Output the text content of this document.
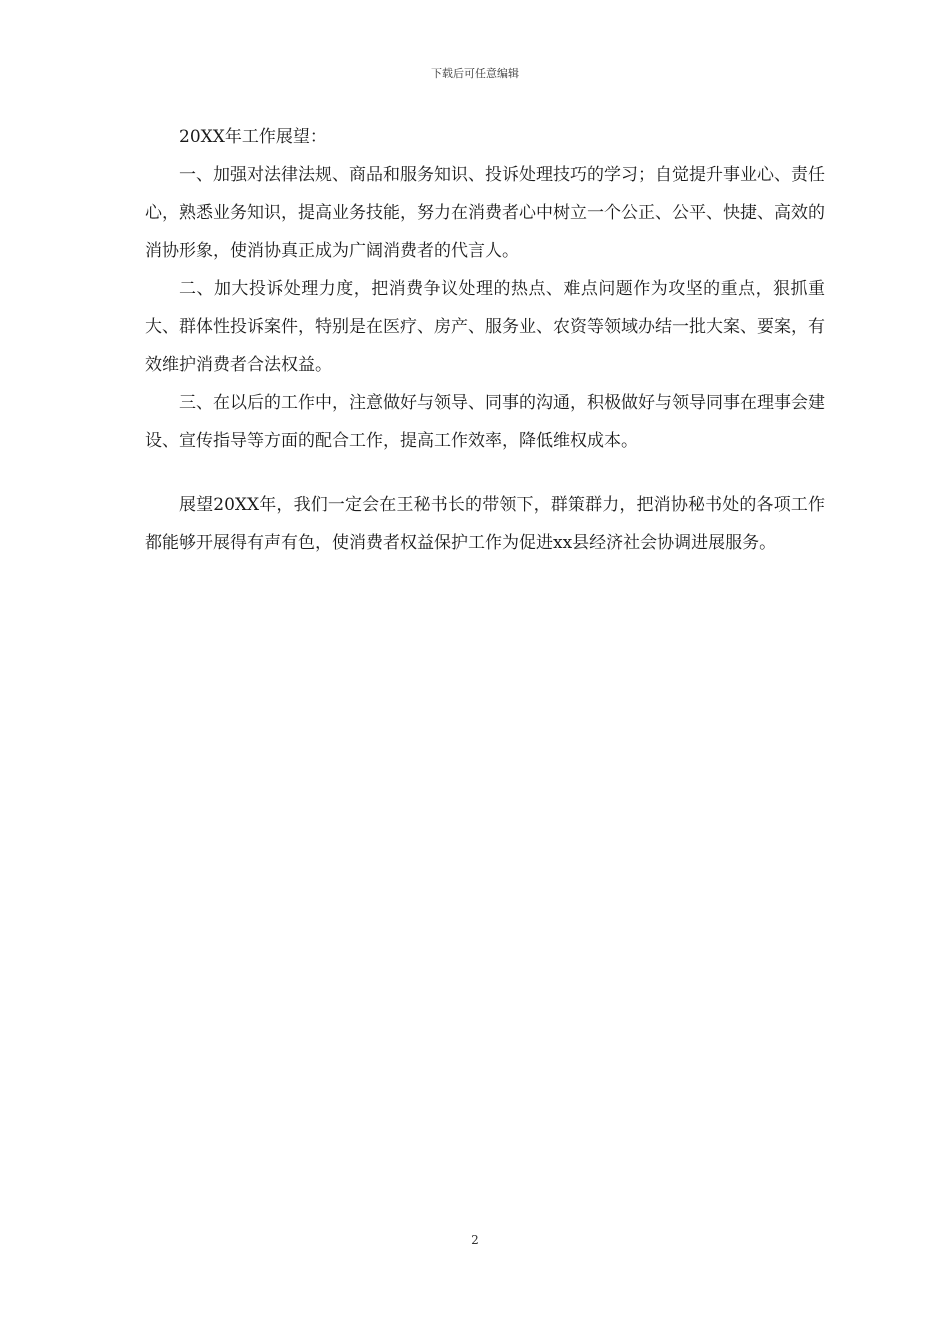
下载后可任意编辑

20XX年工作展望：

一、加强对法律法规、商品和服务知识、投诉处理技巧的学习；自觉提升事业心、责任心，熟悉业务知识，提高业务技能，努力在消费者心中树立一个公正、公平、快捷、高效的消协形象，使消协真正成为广阔消费者的代言人。

二、加大投诉处理力度，把消费争议处理的热点、难点问题作为攻坚的重点，狠抓重大、群体性投诉案件，特别是在医疗、房产、服务业、农资等领域办结一批大案、要案，有效维护消费者合法权益。

三、在以后的工作中，注意做好与领导、同事的沟通，积极做好与领导同事在理事会建设、宣传指导等方面的配合工作，提高工作效率，降低维权成本。

展望20XX年，我们一定会在王秘书长的带领下，群策群力，把消协秘书处的各项工作都能够开展得有声有色，使消费者权益保护工作为促进xx县经济社会协调进展服务。

2
